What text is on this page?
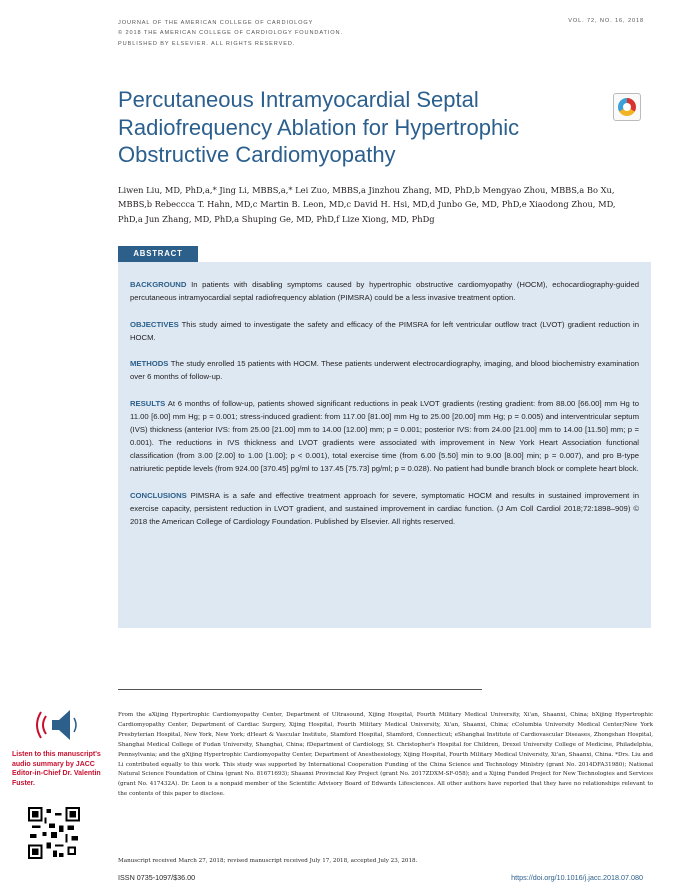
JOURNAL OF THE AMERICAN COLLEGE OF CARDIOLOGY
© 2018 THE AMERICAN COLLEGE OF CARDIOLOGY FOUNDATION.
PUBLISHED BY ELSEVIER. ALL RIGHTS RESERVED.
VOL. 72, NO. 16, 2018
Percutaneous Intramyocardial Septal Radiofrequency Ablation for Hypertrophic Obstructive Cardiomyopathy

Liwen Liu, MD, PhD,a,* Jing Li, MBBS,a,* Lei Zuo, MBBS,a Jinzhou Zhang, MD, PhD,b Mengyao Zhou, MBBS,a Bo Xu, MBBS,b Rebeccca T. Hahn, MD,c Martin B. Leon, MD,c David H. Hsi, MD,d Junbo Ge, MD, PhD,e Xiaodong Zhou, MD, PhD,a Jun Zhang, MD, PhD,a Shuping Ge, MD, PhD,f Lize Xiong, MD, PhDg

ABSTRACT

BACKGROUND In patients with disabling symptoms caused by hypertrophic obstructive cardiomyopathy (HOCM), echocardiography-guided percutaneous intramyocardial septal radiofrequency ablation (PIMSRA) could be a less invasive treatment option.

OBJECTIVES This study aimed to investigate the safety and efficacy of the PIMSRA for left ventricular outflow tract (LVOT) gradient reduction in HOCM.

METHODS The study enrolled 15 patients with HOCM. These patients underwent electrocardiography, imaging, and blood biochemistry examination over 6 months of follow-up.

RESULTS At 6 months of follow-up, patients showed significant reductions in peak LVOT gradients (resting gradient: from 88.00 [66.00] mm Hg to 11.00 [6.00] mm Hg; p = 0.001; stress-induced gradient: from 117.00 [81.00] mm Hg to 25.00 [20.00] mm Hg; p = 0.005) and interventricular septum (IVS) thickness (anterior IVS: from 25.00 [21.00] mm to 14.00 [12.00] mm; p = 0.001; posterior IVS: from 24.00 [21.00] mm to 14.00 [11.50] mm; p = 0.001). The reductions in IVS thickness and LVOT gradients were associated with improvement in New York Heart Association functional classification (from 3.00 [2.00] to 1.00 [1.00]; p < 0.001), total exercise time (from 6.00 [5.50] min to 9.00 [8.00] min; p = 0.007), and pro B-type natriuretic peptide levels (from 924.00 [370.45] pg/ml to 137.45 [75.73] pg/ml; p = 0.028). No patient had bundle branch block or complete heart block.

CONCLUSIONS PIMSRA is a safe and effective treatment approach for severe, symptomatic HOCM and results in sustained improvement in exercise capacity, persistent reduction in LVOT gradient, and sustained improvement in cardiac function. (J Am Coll Cardiol 2018;72:1898–909) © 2018 the American College of Cardiology Foundation. Published by Elsevier. All rights reserved.

Listen to this manuscript's audio summary by JACC Editor-in-Chief Dr. Valentin Fuster.

From the aXijing Hypertrophic Cardiomyopathy Center, Department of Ultrasound, Xijing Hospital, Fourth Military Medical University, Xi'an, Shaanxi, China; bXijing Hypertrophic Cardiomyopathy Center, Department of Cardiac Surgery, Xijing Hospital, Fourth Military Medical University, Xi'an, Shaanxi, China; cColumbia University Medical Center/New York Presbyterian Hospital, New York, New York; dHeart & Vascular Institute, Stamford Hospital, Stamford, Connecticut; eShanghai Institute of Cardiovascular Diseases, Zhongshan Hospital, Shanghai Medical College of Fudan University, Shanghai, China; fDepartment of Cardiology, St. Christopher's Hospital for Children, Drexel University College of Medicine, Philadelphia, Pennsylvania; and the gXijing Hypertrophic Cardiomyopathy Center, Department of Anesthesiology, Xijing Hospital, Fourth Military Medical University, Xi'an, Shaanxi, China. *Drs. Liu and Li contributed equally to this work. This study was supported by International Cooperation Funding of the China Science and Technology Ministry (grant No. 2014DFA31980); National Natural Science Foundation of China (grant No. 81671693); Shaanxi Provincial Key Project (grant No. 2017ZDXM-SF-058); and a Xijing Funded Project for New Technologies and Services (grant No. 417432A). Dr. Leon is a nonpaid member of the Scientific Advisory Board of Edwards Lifesciences. All other authors have reported that they have no relationships relevant to the contents of this paper to disclose.

Manuscript received March 27, 2018; revised manuscript received July 17, 2018, accepted July 23, 2018.
ISSN 0735-1097/$36.00	https://doi.org/10.1016/j.jacc.2018.07.080
